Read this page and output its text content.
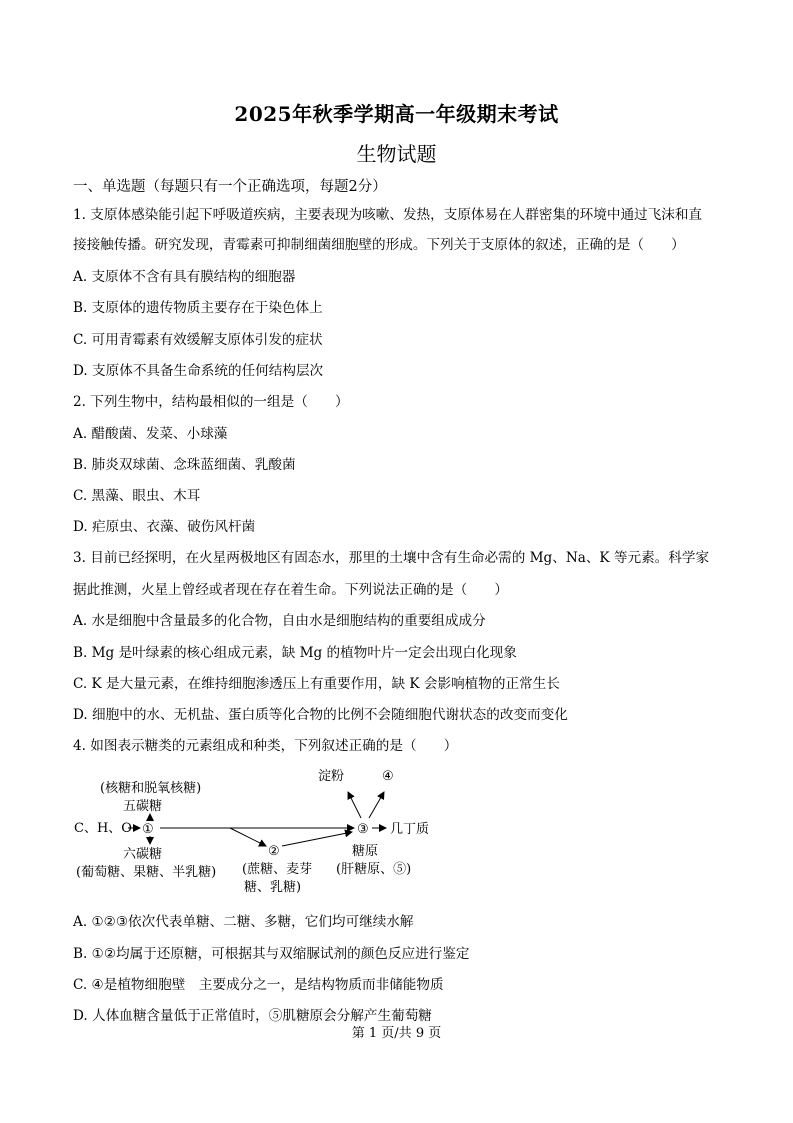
2025年秋季学期高一年级期末考试
生物试题
一、单选题（每题只有一个正确选项，每题2分）
1. 支原体感染能引起下呼吸道疾病，主要表现为咳嗽、发热，支原体易在人群密集的环境中通过飞沫和直
接接触传播。研究发现，青霉素可抑制细菌细胞壁的形成。下列关于支原体的叙述，正确的是（　　）
A. 支原体不含有具有膜结构的细胞器
B. 支原体的遗传物质主要存在于染色体上
C. 可用青霉素有效缓解支原体引发的症状
D. 支原体不具备生命系统的任何结构层次
2. 下列生物中，结构最相似的一组是（　　）
A. 醋酸菌、发菜、小球藻
B. 肺炎双球菌、念珠蓝细菌、乳酸菌
C. 黑藻、眼虫、木耳
D. 疟原虫、衣藻、破伤风杆菌
3. 目前已经探明，在火星两极地区有固态水，那里的土壤中含有生命必需的 Mg、Na、K 等元素。科学家
据此推测，火星上曾经或者现在存在着生命。下列说法正确的是（　　）
A. 水是细胞中含量最多的化合物，自由水是细胞结构的重要组成成分
B. Mg 是叶绿素的核心组成元素，缺 Mg 的植物叶片一定会出现白化现象
C. K 是大量元素，在维持细胞渗透压上有重要作用，缺 K 会影响植物的正常生长
D. 细胞中的水、无机盐、蛋白质等化合物的比例不会随细胞代谢状态的改变而变化
4. 如图表示糖类的元素组成和种类，下列叙述正确的是（　　）
(核糖和脱氧核糖)
五碳糖
C、H、O ①
六碳糖
(葡萄糖、果糖、半乳糖)
②
(蔗糖、麦芽
糖、乳糖)
③
淀粉	④
几丁质
糖原
(肝糖原、⑤)
A. ①②③依次代表单糖、二糖、多糖，它们均可继续水解
B. ①②均属于还原糖，可根据其与双缩脲试剂的颜色反应进行鉴定
C. ④是植物细胞壁　主要成分之一，是结构物质而非储能物质
D. 人体血糖含量低于正常值时，⑤肌糖原会分解产生葡萄糖
第 1 页/共 9 页
